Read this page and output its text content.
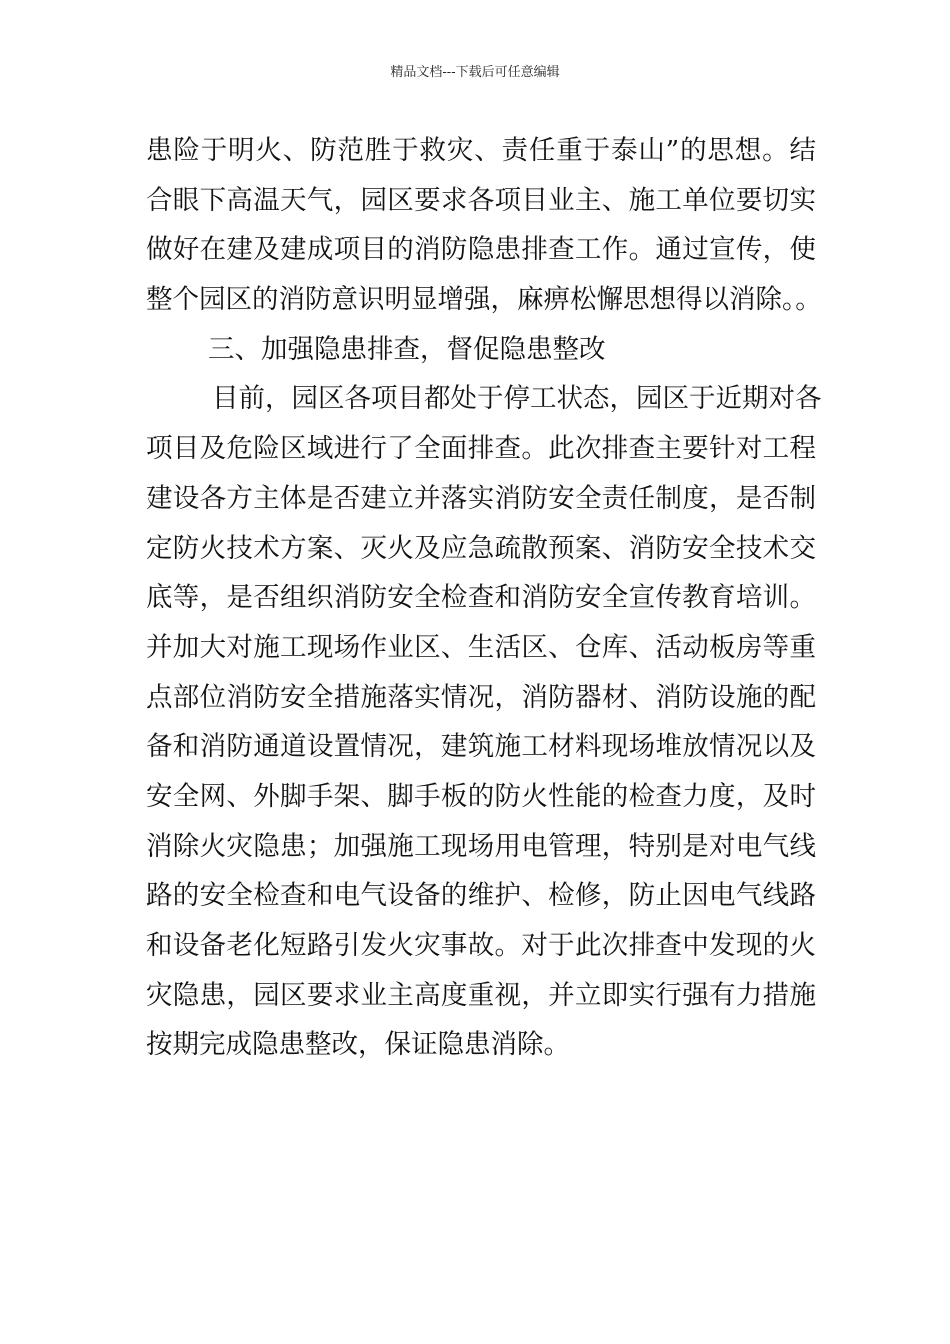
精品文档---下载后可任意编辑
患险于明火、防范胜于救灾、责任重于泰山”的思想。结
合眼下高温天气，园区要求各项目业主、施工单位要切实
做好在建及建成项目的消防隐患排查工作。通过宣传，使
整个园区的消防意识明显增强，麻痹松懈思想得以消除。。
三、加强隐患排查，督促隐患整改
目前，园区各项目都处于停工状态，园区于近期对各
项目及危险区域进行了全面排查。此次排查主要针对工程
建设各方主体是否建立并落实消防安全责任制度，是否制
定防火技术方案、灭火及应急疏散预案、消防安全技术交
底等，是否组织消防安全检查和消防安全宣传教育培训。
并加大对施工现场作业区、生活区、仓库、活动板房等重
点部位消防安全措施落实情况，消防器材、消防设施的配
备和消防通道设置情况，建筑施工材料现场堆放情况以及
安全网、外脚手架、脚手板的防火性能的检查力度，及时
消除火灾隐患；加强施工现场用电管理，特别是对电气线
路的安全检查和电气设备的维护、检修，防止因电气线路
和设备老化短路引发火灾事故。对于此次排查中发现的火
灾隐患，园区要求业主高度重视，并立即实行强有力措施
按期完成隐患整改，保证隐患消除。
